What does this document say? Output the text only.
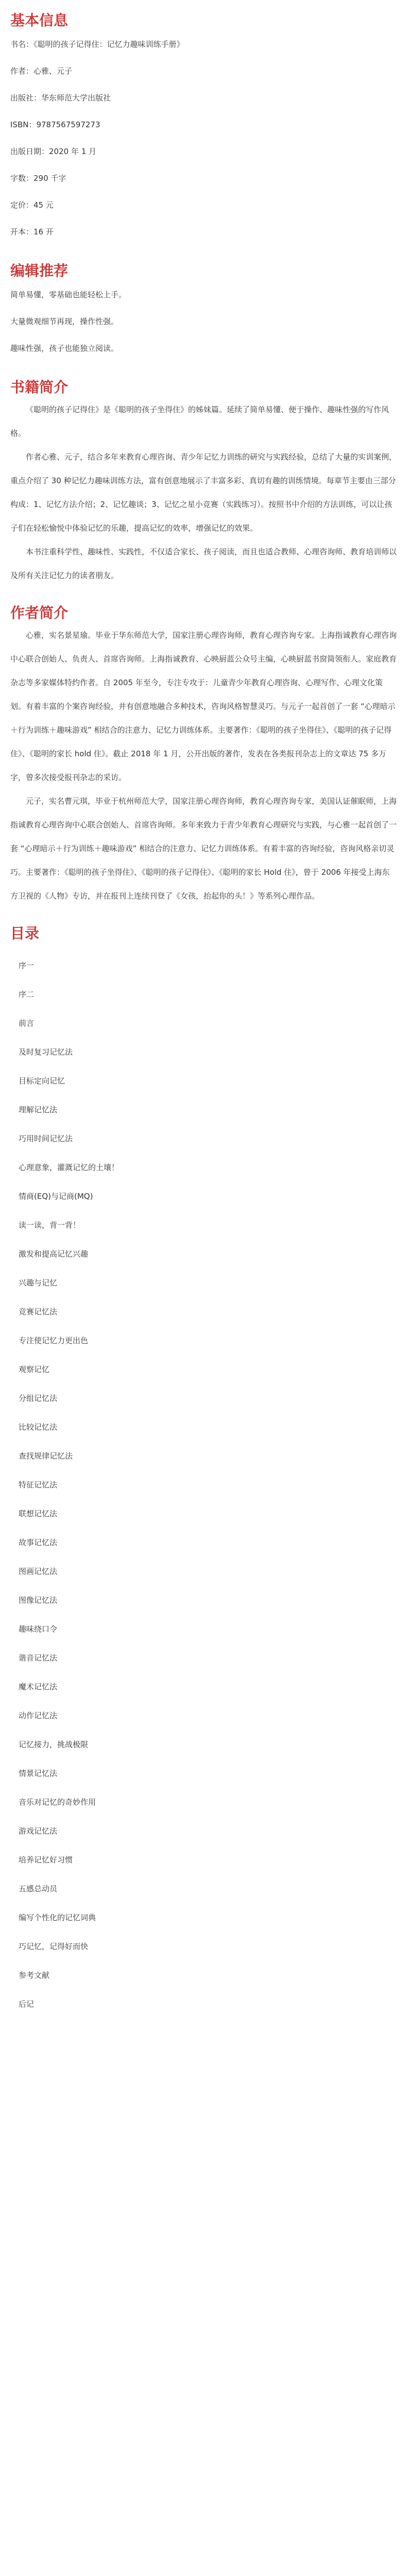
基本信息

书名：《聪明的孩子记得住：记忆力趣味训练手册》

作者：心雅、元子

出版社：华东师范大学出版社

ISBN：9787567597273

出版日期：2020 年 1 月

字数：290 千字

定价：45 元

开本：16 开

编辑推荐

简单易懂，零基础也能轻松上手。

大量微观细节再现，操作性强。

趣味性强，孩子也能独立阅读。

书籍简介

《聪明的孩子记得住》是《聪明的孩子坐得住》的姊妹篇。延续了简单易懂、便于操作、趣味性强的写作风格。

作者心雅、元子，结合多年来教育心理咨询、青少年记忆力训练的研究与实践经验，总结了大量的实训案例，重点介绍了 30 种记忆力趣味训练方法，富有创意地展示了丰富多彩、真切有趣的训练情境。每章节主要由三部分构成：1、记忆方法介绍；2、记忆趣谈；3、记忆之星小竞赛（实践练习）。按照书中介绍的方法训练，可以让孩子们在轻松愉悦中体验记忆的乐趣，提高记忆的效率，增强记忆的效果。

本书注重科学性、趣味性、实践性，不仅适合家长、孩子阅读，而且也适合教师、心理咨询师、教育培训师以及所有关注记忆力的读者朋友。

作者简介

心雅，实名景星瑜。毕业于华东师范大学，国家注册心理咨询师，教育心理咨询专家。上海指诚教育心理咨询中心联合创始人、负责人、首席咨询师。上海指诚教育、心映厨蓝公众号主编，心映厨蓝书窗简领衔人。家庭教育杂志等多家媒体特约作者。自 2005 年至今，专注专攻于：儿童青少年教育心理咨询、心理写作、心理文化策划。有着丰富的个案咨询经验，并有创意地融合多种技术，咨询风格智慧灵巧。与元子一起首创了一套 “心理暗示＋行为训练＋趣味游戏” 相结合的注意力、记忆力训练体系。主要著作：《聪明的孩子坐得住》、《聪明的孩子记得住》、《聪明的家长 hold 住》。截止 2018 年 1 月，公开出版的著作，发表在各类报刊杂志上的文章达 75 多万字，曾多次接受报刊杂志的采访。

元子，实名曹元琪，毕业于杭州师范大学，国家注册心理咨询师，教育心理咨询专家，美国认证催眠师，上海指诚教育心理咨询中心联合创始人、首席咨询师。多年来致力于青少年教育心理研究与实践，与心雅一起首创了一套 “心理暗示＋行为训练＋趣味游戏” 相结合的注意力、记忆力训练体系。有着丰富的咨询经验，咨询风格亲切灵巧。主要著作：《聪明的孩子坐得住》、《聪明的孩子记得住》、《聪明的家长 Hold 住》，曾于 2006 年接受上海东方卫视的《人物》专访，并在报刊上连续刊登了《女孩，抬起你的头！》等系列心理作品。

目录

序一

序二

前言

及时复习记忆法

目标定向记忆

理解记忆法

巧用时间记忆法

心理意象，灌溉记忆的土壤！

情商(EQ)与记商(MQ)

读一读，背一背！

激发和提高记忆兴趣

兴趣与记忆

竞赛记忆法

专注使记忆力更出色

观察记忆

分组记忆法

比较记忆法

查找规律记忆法

特征记忆法

联想记忆法

故事记忆法

图画记忆法

图像记忆法

趣味绕口令

谐音记忆法

魔术记忆法

动作记忆法

记忆接力，挑战极限

情景记忆法

音乐对记忆的奇妙作用

游戏记忆法

培养记忆好习惯

五感总动员

编写个性化的记忆词典

巧记忆，记得好而快

参考文献

后记
